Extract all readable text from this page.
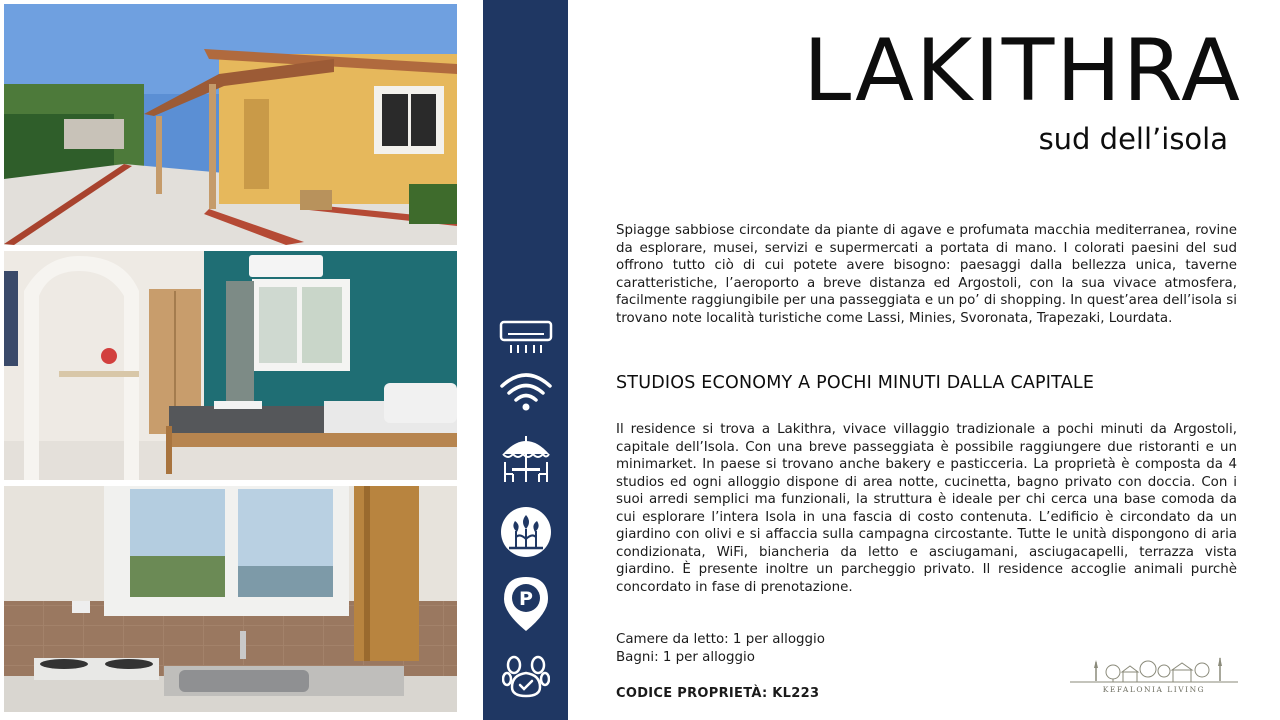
P
LAKITHRA
sud dell’isola
Spiagge sabbiose circondate da piante di agave e profumata macchia mediterranea, rovine da esplorare, musei, servizi e supermercati a portata di mano. I colorati paesini del sud offrono tutto ciò di cui potete avere bisogno: paesaggi dalla bellezza unica, taverne caratteristiche, l’aeroporto a breve distanza ed Argostoli, con la sua vivace atmosfera, facilmente raggiungibile per una passeggiata e un po’ di shopping. In quest’area dell’isola si trovano note località turistiche come Lassi, Minies, Svoronata, Trapezaki, Lourdata.
STUDIOS ECONOMY A POCHI MINUTI DALLA CAPITALE
Il residence si trova a Lakithra, vivace villaggio tradizionale a pochi minuti da Argostoli, capitale dell’Isola. Con una breve passeggiata è possibile raggiungere due ristoranti e un minimarket. In paese si trovano anche bakery e pasticceria. La proprietà è composta da 4 studios ed ogni alloggio dispone di area notte, cucinetta, bagno privato con doccia. Con i suoi arredi semplici ma funzionali, la struttura è ideale per chi cerca una base comoda da cui esplorare l’intera Isola in una fascia di costo contenuta. L’edificio è circondato da un giardino con olivi e si affaccia sulla campagna circostante. Tutte le unità dispongono di aria condizionata, WiFi, biancheria da letto e asciugamani, asciugacapelli, terrazza vista giardino. È presente inoltre un parcheggio privato. Il residence accoglie animali purchè concordato in fase di prenotazione.
Camere da letto: 1 per alloggio
Bagni: 1 per alloggio
CODICE PROPRIETÀ: KL223	KEFALONIA LIVING
